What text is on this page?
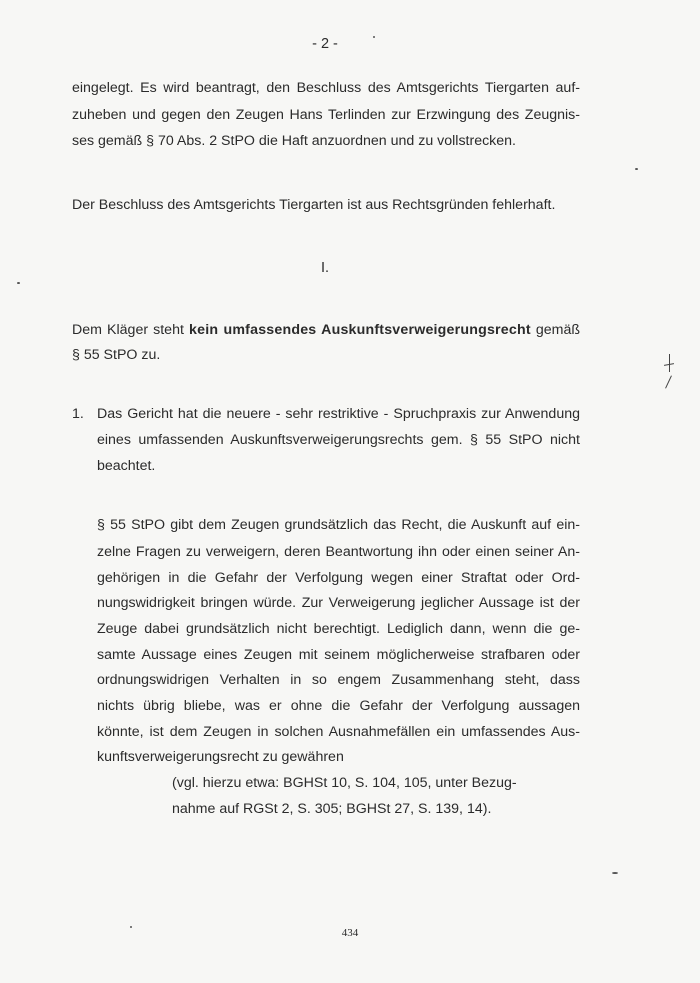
- 2 -
eingelegt. Es wird beantragt, den Beschluss des Amtsgerichts Tiergarten auf-
zuheben und gegen den Zeugen Hans Terlinden zur Erzwingung des Zeugnis-
ses gemäß § 70 Abs. 2 StPO die Haft anzuordnen und zu vollstrecken.
Der Beschluss des Amtsgerichts Tiergarten ist aus Rechtsgründen fehlerhaft.
I.
Dem Kläger steht kein umfassendes Auskunftsverweigerungsrecht gemäß
§ 55 StPO zu.
1. Das Gericht hat die neuere - sehr restriktive - Spruchpraxis zur Anwendung
eines umfassenden Auskunftsverweigerungsrechts gem. § 55 StPO nicht
beachtet.
§ 55 StPO gibt dem Zeugen grundsätzlich das Recht, die Auskunft auf ein-
zelne Fragen zu verweigern, deren Beantwortung ihn oder einen seiner An-
gehörigen in die Gefahr der Verfolgung wegen einer Straftat oder Ord-
nungswidrigkeit bringen würde. Zur Verweigerung jeglicher Aussage ist der
Zeuge dabei grundsätzlich nicht berechtigt. Lediglich dann, wenn die ge-
samte Aussage eines Zeugen mit seinem möglicherweise strafbaren oder
ordnungswidrigen Verhalten in so engem Zusammenhang steht, dass
nichts übrig bliebe, was er ohne die Gefahr der Verfolgung aussagen
könnte, ist dem Zeugen in solchen Ausnahmefällen ein umfassendes Aus-
kunftsverweigerungsrecht zu gewähren
(vgl. hierzu etwa: BGHSt 10, S. 104, 105, unter Bezug-
nahme auf RGSt 2, S. 305; BGHSt 27, S. 139, 14).
434
